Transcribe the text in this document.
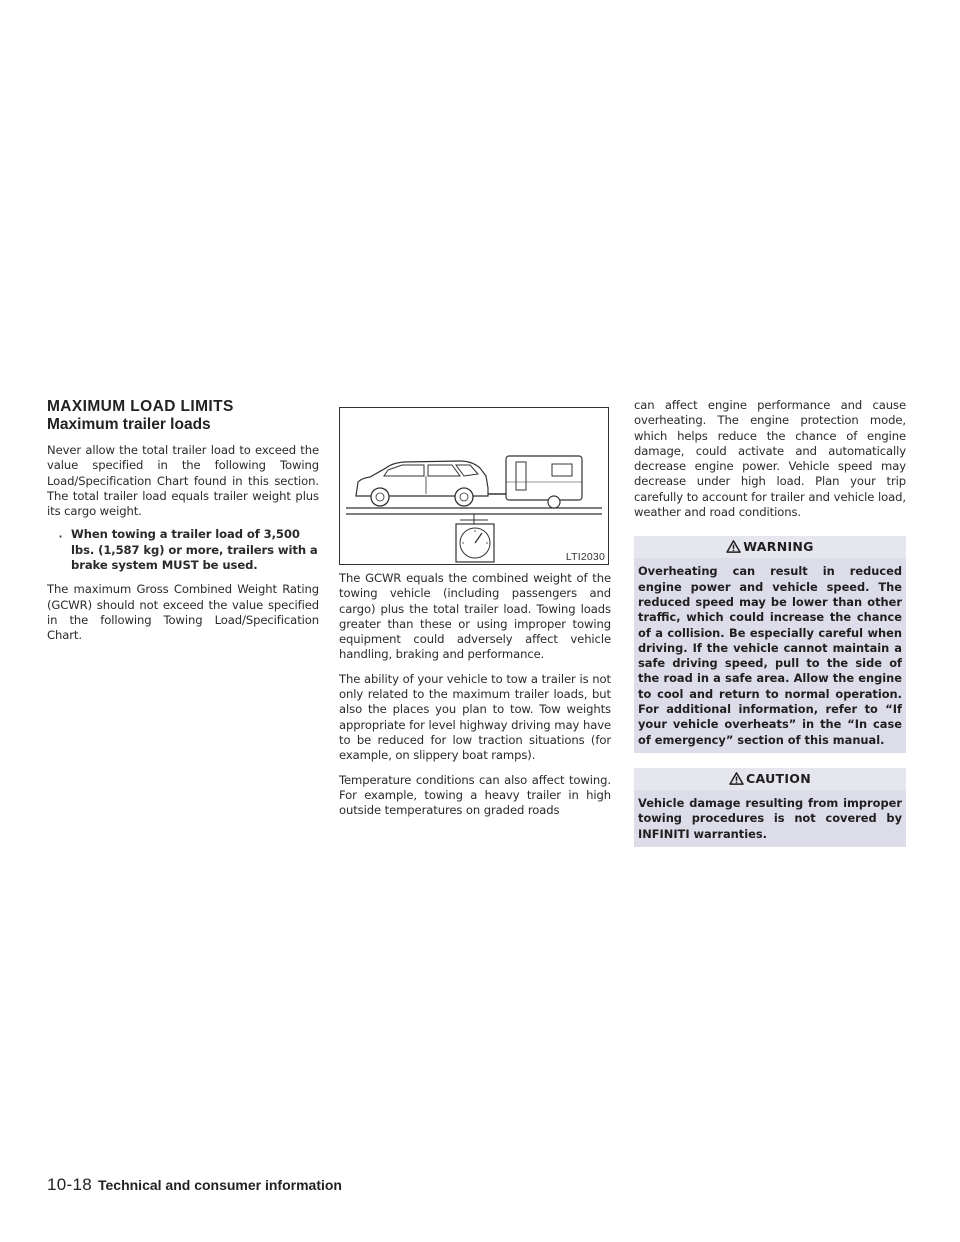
MAXIMUM LOAD LIMITS
Maximum trailer loads

Never allow the total trailer load to exceed the value specified in the following Towing Load/Specification Chart found in this section. The total trailer load equals trailer weight plus its cargo weight.

· When towing a trailer load of 3,500 lbs. (1,587 kg) or more, trailers with a brake system MUST be used.

The maximum Gross Combined Weight Rating (GCWR) should not exceed the value specified in the following Towing Load/Specification Chart.

LTI2030

The GCWR equals the combined weight of the towing vehicle (including passengers and cargo) plus the total trailer load. Towing loads greater than these or using improper towing equipment could adversely affect vehicle handling, braking and performance.

The ability of your vehicle to tow a trailer is not only related to the maximum trailer loads, but also the places you plan to tow. Tow weights appropriate for level highway driving may have to be reduced for low traction situations (for example, on slippery boat ramps).

Temperature conditions can also affect towing. For example, towing a heavy trailer in high outside temperatures on graded roads

can affect engine performance and cause overheating. The engine protection mode, which helps reduce the chance of engine damage, could activate and automatically decrease engine power. Vehicle speed may decrease under high load. Plan your trip carefully to account for trailer and vehicle load, weather and road conditions.

WARNING
Overheating can result in reduced engine power and vehicle speed. The reduced speed may be lower than other traffic, which could increase the chance of a collision. Be especially careful when driving. If the vehicle cannot maintain a safe driving speed, pull to the side of the road in a safe area. Allow the engine to cool and return to normal operation. For additional information, refer to “If your vehicle overheats” in the “In case of emergency” section of this manual.
CAUTION
Vehicle damage resulting from improper towing procedures is not covered by INFINITI warranties.
10-18 Technical and consumer information
